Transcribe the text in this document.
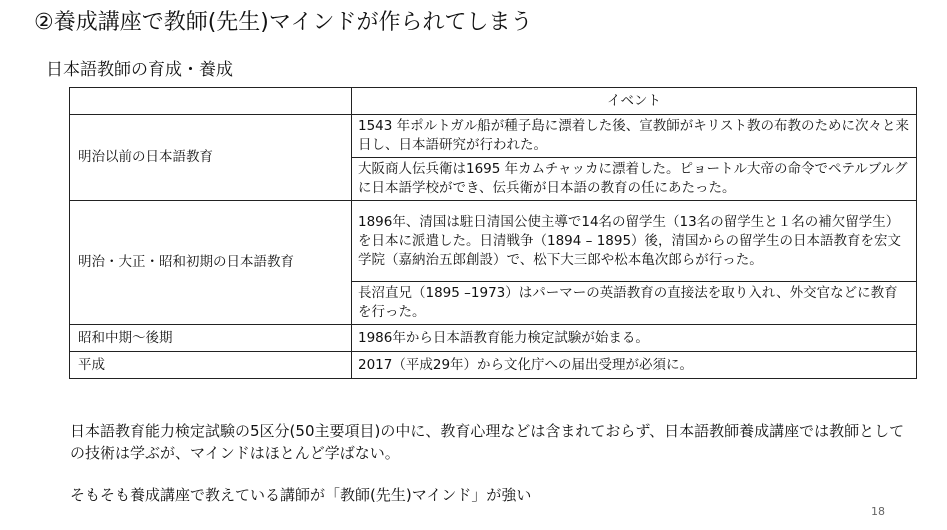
②養成講座で教師(先生)マインドが作られてしまう
日本語教師の育成・養成
	イベント
明治以前の日本語教育	1543 年ポルトガル船が種子島に漂着した後、宣教師がキリスト教の布教のために次々と来日し、日本語研究が行われた。
	大阪商人伝兵衛は1695 年カムチャッカに漂着した。ピョートル大帝の命令でペテルブルグに日本語学校ができ、伝兵衛が日本語の教育の任にあたった。
明治・大正・昭和初期の日本語教育	1896年、清国は駐日清国公使主導で14名の留学生（13名の留学生と１名の補欠留学生）を日本に派遣した。日清戦争（1894 – 1895）後，清国からの留学生の日本語教育を宏文学院（嘉納治五郎創設）で、松下大三郎や松本亀次郎らが行った。
	長沼直兄（1895 –1973）はパーマーの英語教育の直接法を取り入れ、外交官などに教育を行った。
昭和中期～後期	1986年から日本語教育能力検定試験が始まる。
平成	2017（平成29年）から文化庁への届出受理が必須に。
日本語教育能力検定試験の5区分(50主要項目)の中に、教育心理などは含まれておらず、日本語教師養成講座では教師としての技術は学ぶが、マインドはほとんど学ばない。
そもそも養成講座で教えている講師が「教師(先生)マインド」が強い
18
